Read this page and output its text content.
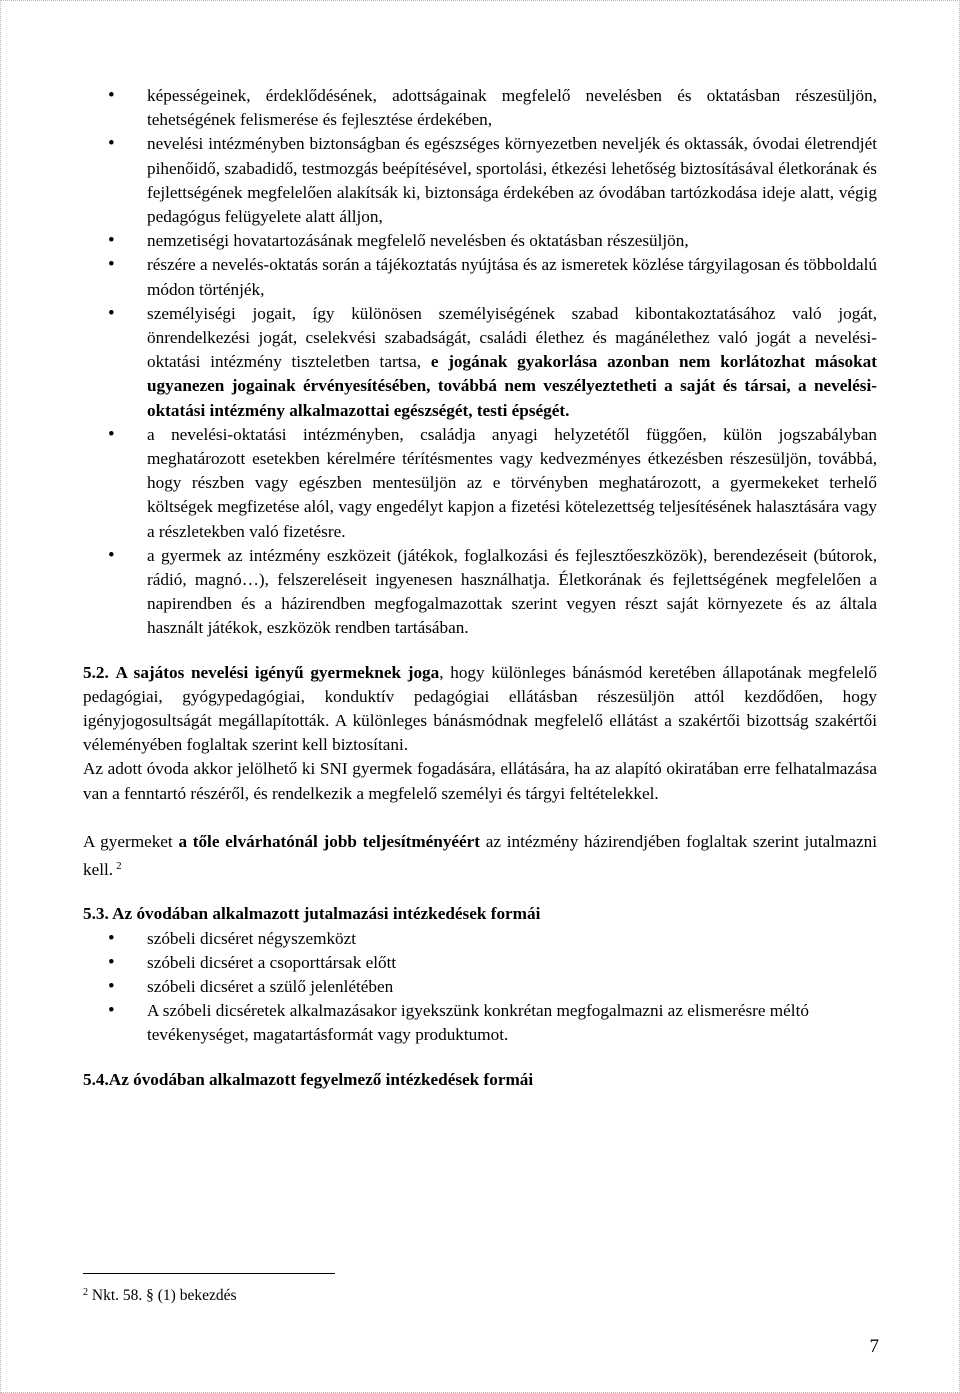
• képességeinek, érdeklődésének, adottságainak megfelelő nevelésben és oktatásban részesüljön, tehetségének felismerése és fejlesztése érdekében,
• nevelési intézményben biztonságban és egészséges környezetben neveljék és oktassák, óvodai életrendjét pihenőidő, szabadidő, testmozgás beépítésével, sportolási, étkezési lehetőség biztosításával életkorának és fejlettségének megfelelően alakítsák ki, biztonsága érdekében az óvodában tartózkodása ideje alatt, végig pedagógus felügyelete alatt álljon,
• nemzetiségi hovatartozásának megfelelő nevelésben és oktatásban részesüljön,
• részére a nevelés-oktatás során a tájékoztatás nyújtása és az ismeretek közlése tárgyilagosan és többoldalú módon történjék,
• személyiségi jogait, így különösen személyiségének szabad kibontakoztatásához való jogát, önrendelkezési jogát, cselekvési szabadságát, családi élethez és magánélethez való jogát a nevelési-oktatási intézmény tiszteletben tartsa, e jogának gyakorlása azonban nem korlátozhat másokat ugyanezen jogainak érvényesítésében, továbbá nem veszélyeztetheti a saját és társai, a nevelési-oktatási intézmény alkalmazottai egészségét, testi épségét.
• a nevelési-oktatási intézményben, családja anyagi helyzetétől függően, külön jogszabályban meghatározott esetekben kérelmére térítésmentes vagy kedvezményes étkezésben részesüljön, továbbá, hogy részben vagy egészben mentesüljön az e törvényben meghatározott, a gyermekeket terhelő költségek megfizetése alól, vagy engedélyt kapjon a fizetési kötelezettség teljesítésének halasztására vagy a részletekben való fizetésre.
• a gyermek az intézmény eszközeit (játékok, foglalkozási és fejlesztőeszközök), berendezéseit (bútorok, rádió, magnó…), felszereléseit ingyenesen használhatja. Életkorának és fejlettségének megfelelően a napirendben és a házirendben megfogalmazottak szerint vegyen részt saját környezete és az általa használt játékok, eszközök rendben tartásában.

5.2. A sajátos nevelési igényű gyermeknek joga, hogy különleges bánásmód keretében állapotának megfelelő pedagógiai, gyógypedagógiai, konduktív pedagógiai ellátásban részesüljön attól kezdődően, hogy igényjogosultságát megállapították. A különleges bánásmódnak megfelelő ellátást a szakértői bizottság szakértői véleményében foglaltak szerint kell biztosítani.

Az adott óvoda akkor jelölhető ki SNI gyermek fogadására, ellátására, ha az alapító okiratában erre felhatalmazása van a fenntartó részéről, és rendelkezik a megfelelő személyi és tárgyi feltételekkel.

A gyermeket a tőle elvárhatónál jobb teljesítményéért az intézmény házirendjében foglaltak szerint jutalmazni kell. $^2$

5.3. Az óvodában alkalmazott jutalmazási intézkedések formái

• szóbeli dicséret négyszemközt
• szóbeli dicséret a csoporttársak előtt
• szóbeli dicséret a szülő jelenlétében
• A szóbeli dicséretek alkalmazásakor igyekszünk konkrétan megfogalmazni az elismerésre méltó tevékenységet, magatartásformát vagy produktumot.

5.4.Az óvodában alkalmazott fegyelmező intézkedések formái

$^2$ Nkt. 58. § (1) bekezdés
7
